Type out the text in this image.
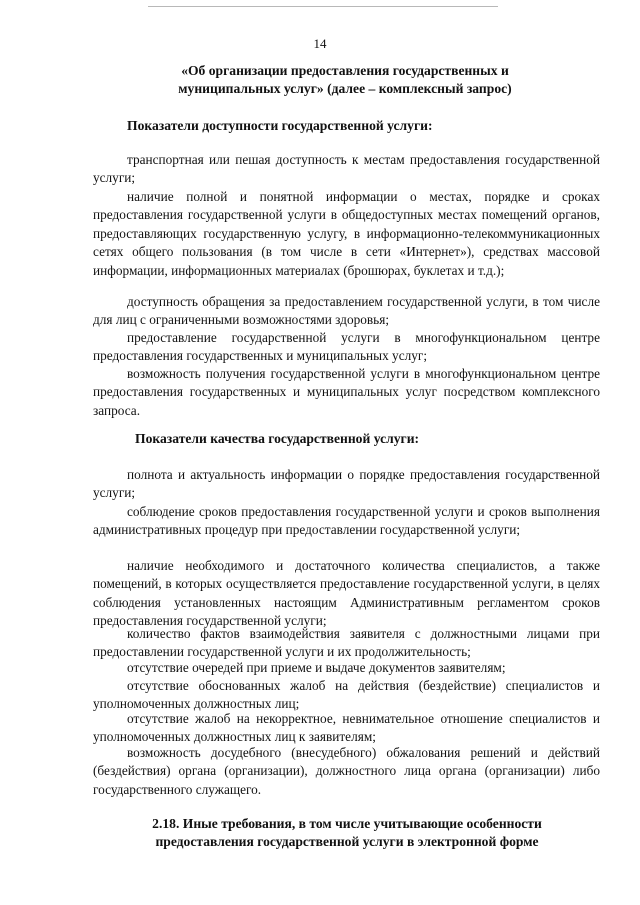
14
«Об организации предоставления государственных и
муниципальных услуг» (далее – комплексный запрос)
Показатели доступности государственной услуги:

транспортная или пешая доступность к местам предоставления государственной услуги;

наличие полной и понятной информации о местах, порядке и сроках предоставления государственной услуги в общедоступных местах помещений органов, предоставляющих государственную услугу, в информационно-телекоммуникационных сетях общего пользования (в том числе в сети «Интернет»), средствах массовой информации, информационных материалах (брошюрах, буклетах и т.д.);

доступность обращения за предоставлением государственной услуги, в том числе для лиц с ограниченными возможностями здоровья;

предоставление государственной услуги в многофункциональном центре предоставления государственных и муниципальных услуг;

возможность получения государственной услуги в многофункциональном центре предоставления государственных и муниципальных услуг посредством комплексного запроса.

Показатели качества государственной услуги:

полнота и актуальность информации о порядке предоставления государственной услуги;

соблюдение сроков предоставления государственной услуги и сроков выполнения административных процедур при предоставлении государственной услуги;

наличие необходимого и достаточного количества специалистов, а также помещений, в которых осуществляется предоставление государственной услуги, в целях соблюдения установленных настоящим Административным регламентом сроков предоставления государственной услуги;

количество фактов взаимодействия заявителя с должностными лицами при предоставлении государственной услуги и их продолжительность;

отсутствие очередей при приеме и выдаче документов заявителям;

отсутствие обоснованных жалоб на действия (бездействие) специалистов и уполномоченных должностных лиц;

отсутствие жалоб на некорректное, невнимательное отношение специалистов и уполномоченных должностных лиц к заявителям;

возможность досудебного (внесудебного) обжалования решений и действий (бездействия) органа (организации), должностного лица органа (организации) либо государственного служащего.

2.18. Иные требования, в том числе учитывающие особенности
предоставления государственной услуги в электронной форме
